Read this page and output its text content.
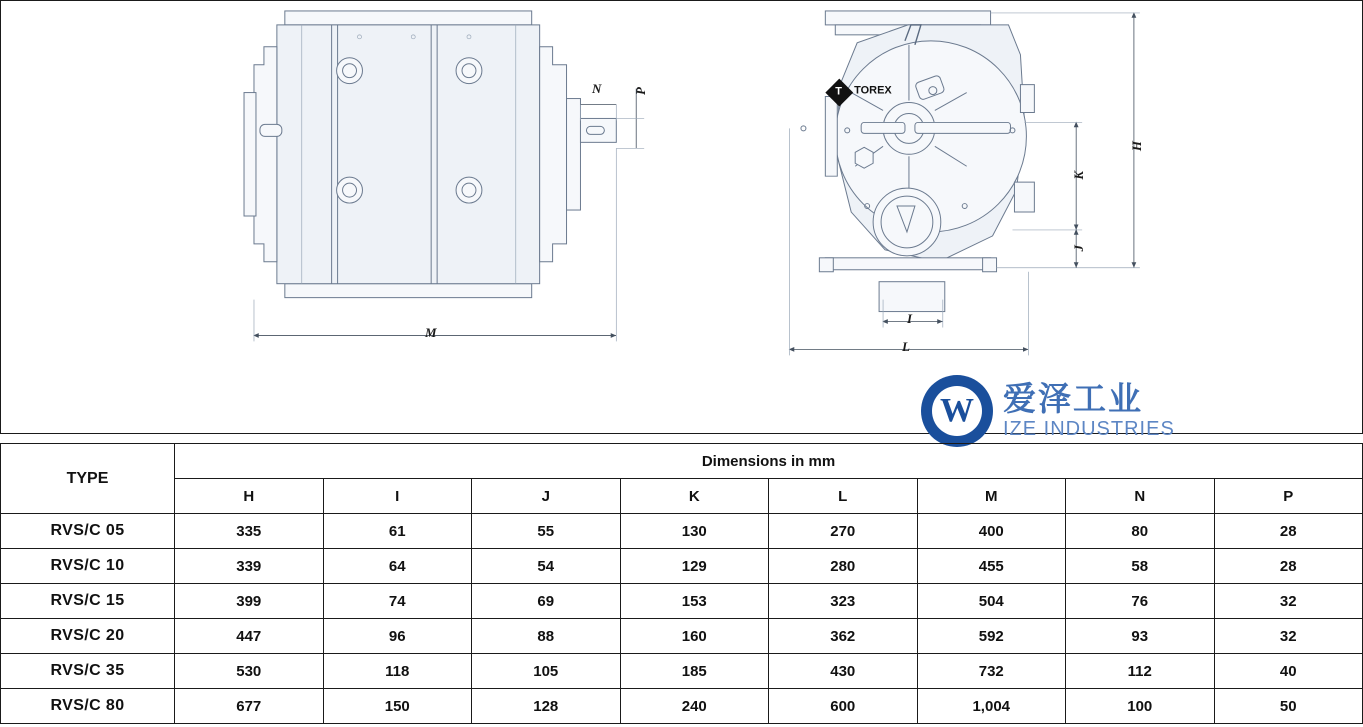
T TOREX
N P
M
H
K
J
I
L
W
爱泽工业
IZE INDUSTRIES
TYPE	Dimensions in mm							
	H	I	J	K	L	M	N	P
RVS/C 05	335	61	55	130	270	400	80	28
RVS/C 10	339	64	54	129	280	455	58	28
RVS/C 15	399	74	69	153	323	504	76	32
RVS/C 20	447	96	88	160	362	592	93	32
RVS/C 35	530	118	105	185	430	732	112	40
RVS/C 80	677	150	128	240	600	1,004	100	50
